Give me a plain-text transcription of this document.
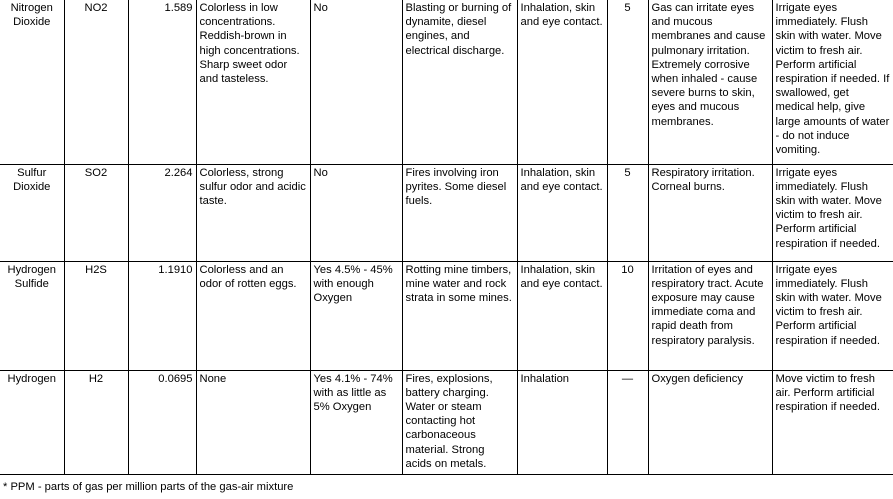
Nitrogen Dioxide	NO2	1.589	Colorless in low concentrations. Reddish-brown in high concentrations. Sharp sweet odor and tasteless.	No	Blasting or burning of dynamite, diesel engines, and electrical discharge.	Inhalation, skin and eye contact.	5	Gas can irritate eyes and mucous membranes and cause pulmonary irritation. Extremely corrosive when inhaled - cause severe burns to skin, eyes and mucous membranes.	Irrigate eyes immediately. Flush skin with water. Move victim to fresh air. Perform artificial respiration if needed. If swallowed, get medical help, give large amounts of water - do not induce vomiting.

Sulfur Dioxide	SO2	2.264	Colorless, strong sulfur odor and acidic taste.	No	Fires involving iron pyrites. Some diesel fuels.	Inhalation, skin and eye contact.	5	Respiratory irritation. Corneal burns.	Irrigate eyes immediately. Flush skin with water. Move victim to fresh air. Perform artificial respiration if needed.

Hydrogen Sulfide	H2S	1.1910	Colorless and an odor of rotten eggs.	Yes 4.5% - 45% with enough Oxygen	Rotting mine timbers, mine water and rock strata in some mines.	Inhalation, skin and eye contact.	10	Irritation of eyes and respiratory tract. Acute exposure may cause immediate coma and rapid death from respiratory paralysis.	Irrigate eyes immediately. Flush skin with water. Move victim to fresh air. Perform artificial respiration if needed.

Hydrogen	H2	0.0695	None	Yes 4.1% - 74% with as little as 5% Oxygen	Fires, explosions, battery charging. Water or steam contacting hot carbonaceous material. Strong acids on metals.	Inhalation	—	Oxygen deficiency	Move victim to fresh air. Perform artificial respiration if needed.
* PPM - parts of gas per million parts of the gas-air mixture
